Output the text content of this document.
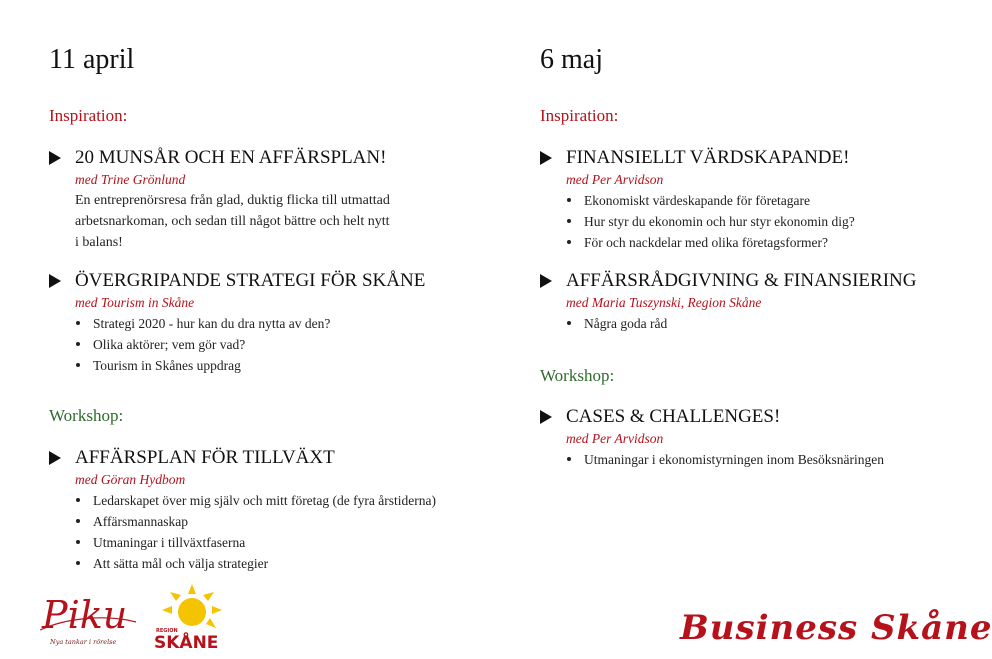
11 april
Inspiration:
20 MUNSÅR OCH EN AFFÄRSPLAN!
med Trine Grönlund
En entreprenörsresa från glad, duktig flicka till utmattad arbetsnarkoman, och sedan till något bättre och helt nytt i balans!
ÖVERGRIPANDE STRATEGI FÖR SKÅNE
med Tourism in Skåne
Strategi 2020 - hur kan du dra nytta av den?
Olika aktörer; vem gör vad?
Tourism in Skånes uppdrag
Workshop:
AFFÄRSPLAN FÖR TILLVÄXT
med Göran Hydbom
Ledarskapet över mig själv och mitt företag (de fyra årstiderna)
Affärsmannaskap
Utmaningar i tillväxtfaserna
Att sätta mål och välja strategier
6 maj
Inspiration:
FINANSIELLT VÄRDSKAPANDE!
med Per Arvidson
Ekonomiskt värdeskapande för företagare
Hur styr du ekonomin och hur styr ekonomin dig?
För och nackdelar med olika företagsformer?
AFFÄRSRÅDGIVNING & FINANSIERING
med Maria Tuszynski, Region Skåne
Några goda råd
Workshop:
CASES & CHALLENGES!
med Per Arvidson
Utmaningar i ekonomistyrningen inom Besöksnäringen
Piku
Nya tankar i rörelse
REGION
SKÅNE	Business Skåne
